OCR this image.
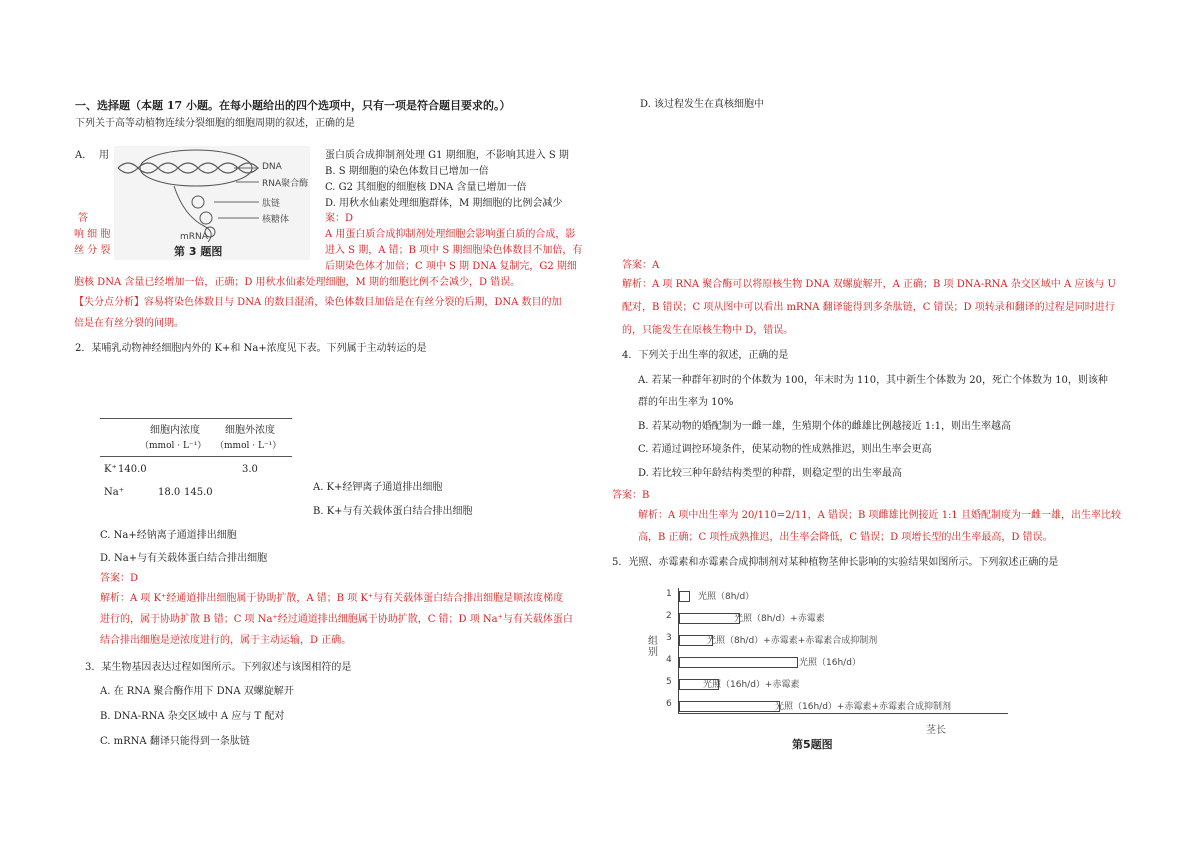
一、选择题（本题 17 小题。在每小题给出的四个选项中，只有一项是符合题目要求的。）
下列关于高等动植物连续分裂细胞的细胞周期的叙述，正确的是
A. 用
DNA
RNA聚合酶
肽链
核糖体
mRNA
第 3 题图
蛋白质合成抑制剂处理 G1 期细胞，不影响其进入 S 期
B. S 期细胞的染色体数目已增加一倍
C. G2 其细胞的细胞核 DNA 含量已增加一倍
D. 用秋水仙素处理细胞群体，M 期细胞的比例会减少
答	案：D
响 细 胞
丝 分 裂
A 用蛋白质合成抑制剂处理细胞会影响蛋白质的合成，影
进入 S 期，A 错；B 项中 S 期细胞染色体数目不加倍，有
后期染色体才加倍；C 项中 S 期 DNA 复制完，G2 期细
胞核 DNA 含量已经增加一倍，正确；D 用秋水仙素处理细胞，M 期的细胞比例不会减少，D 错误。
【失分点分析】容易将染色体数目与 DNA 的数目混淆，染色体数目加倍是在有丝分裂的后期，DNA 数目的加
倍是在有丝分裂的间期。
2．某哺乳动物神经细胞内外的 K+和 Na+浓度见下表。下列属于主动转运的是
细胞内浓度	细胞外浓度
（mmol · L⁻¹） （mmol · L⁻¹）
K⁺ 140.0	3.0
Na⁺	18.0 145.0	A. K+经钾离子通道排出细胞
B. K+与有关载体蛋白结合排出细胞
C. Na+经钠离子通道排出细胞
D. Na+与有关载体蛋白结合排出细胞
答案：D
解析：A 项 K⁺经通道排出细胞属于协助扩散，A 错；B 项 K⁺与有关载体蛋白结合排出细胞是顺浓度梯度
进行的，属于协助扩散 B 错；C 项 Na⁺经过通道排出细胞属于协助扩散，C 错；D 项 Na⁺与有关载体蛋白
结合排出细胞是逆浓度进行的，属于主动运输，D 正确。
3．某生物基因表达过程如图所示。下列叙述与该图相符的是
A. 在 RNA 聚合酶作用下 DNA 双螺旋解开
B. DNA-RNA 杂交区域中 A 应与 T 配对
C. mRNA 翻译只能得到一条肽链
D. 该过程发生在真核细胞中
答案：A
解析：A 项 RNA 聚合酶可以将原核生物 DNA 双螺旋解开，A 正确；B 项 DNA-RNA 杂交区域中 A 应该与 U
配对，B 错误；C 项从图中可以看出 mRNA 翻译能得到多条肽链，C 错误；D 项转录和翻译的过程是同时进行
的，只能发生在原核生物中 D，错误。
4．下列关于出生率的叙述，正确的是
A. 若某一种群年初时的个体数为 100，年末时为 110，其中新生个体数为 20，死亡个体数为 10，则该种
群的年出生率为 10%
B. 若某动物的婚配制为一雌一雄，生殖期个体的雌雄比例越接近 1:1，则出生率越高
C. 若通过调控环境条件，使某动物的性成熟推迟，则出生率会更高
D. 若比较三种年龄结构类型的种群，则稳定型的出生率最高
答案：B
解析：A 项中出生率为 20/110=2/11，A 错误；B 项雌雄比例接近 1:1 且婚配制度为一雌一雄，出生率比较
高，B 正确；C 项性成熟推迟，出生率会降低，C 错误；D 项增长型的出生率最高，D 错误。
5．光照、赤霉素和赤霉素合成抑制剂对某种植物茎伸长影响的实验结果如图所示。下列叙述正确的是
组别
茎长
第5题图
1	光照（8h/d）
2	光照（8h/d）+赤霉素
3	光照（8h/d）+赤霉素+赤霉素合成抑制剂
4	光照（16h/d）
5	光照（16h/d）+赤霉素
6	光照（16h/d）+赤霉素+赤霉素合成抑制剂
